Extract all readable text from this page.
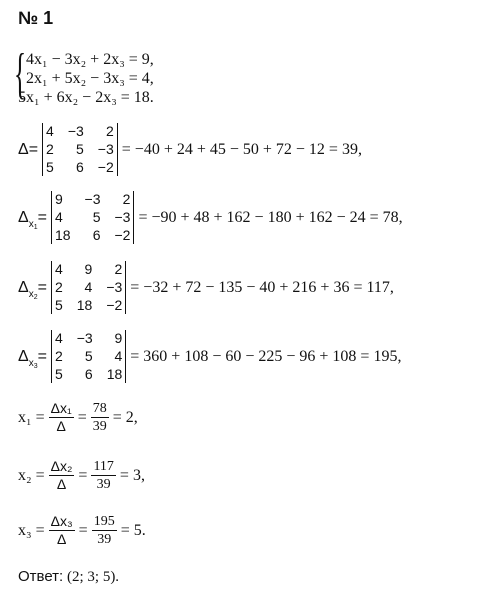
№ 1
{ 4x₁ − 3x₂ + 2x₃ = 9,
2x₁ + 5x₂ − 3x₃ = 4,
5x₁ + 6x₂ − 2x₃ = 18.
Δ=
4 −3	2
2	5 −3
5	6 −2
= −40 + 24 + 45 − 50 + 72 − 12 = 39,
$\Delta_{x_1}=$
9	−3	2
4	5 −3
18	6 −2
= −90 + 48 + 162 − 180 + 162 − 24 = 78,
$\Delta_{x_2}=$
4	9	2
2	4 −3
5 18 −2
= −32 + 72 − 135 − 40 + 216 + 36 = 117,
$\Delta_{x_3}=$
4 −3	9
2	5	4
5	6 18
= 360 + 108 − 60 − 225 − 96 + 108 = 195,
$x_1 = \frac{\text{Δx₁}}{\Delta} = \frac{78}{39} = 2$,
$x_2 = \frac{\text{Δx₂}}{\Delta} = \frac{117}{39} = 3$,
$x_3 = \frac{\text{Δx₃}}{\Delta} = \frac{195}{39} = 5$.
Ответ: (2; 3; 5).
